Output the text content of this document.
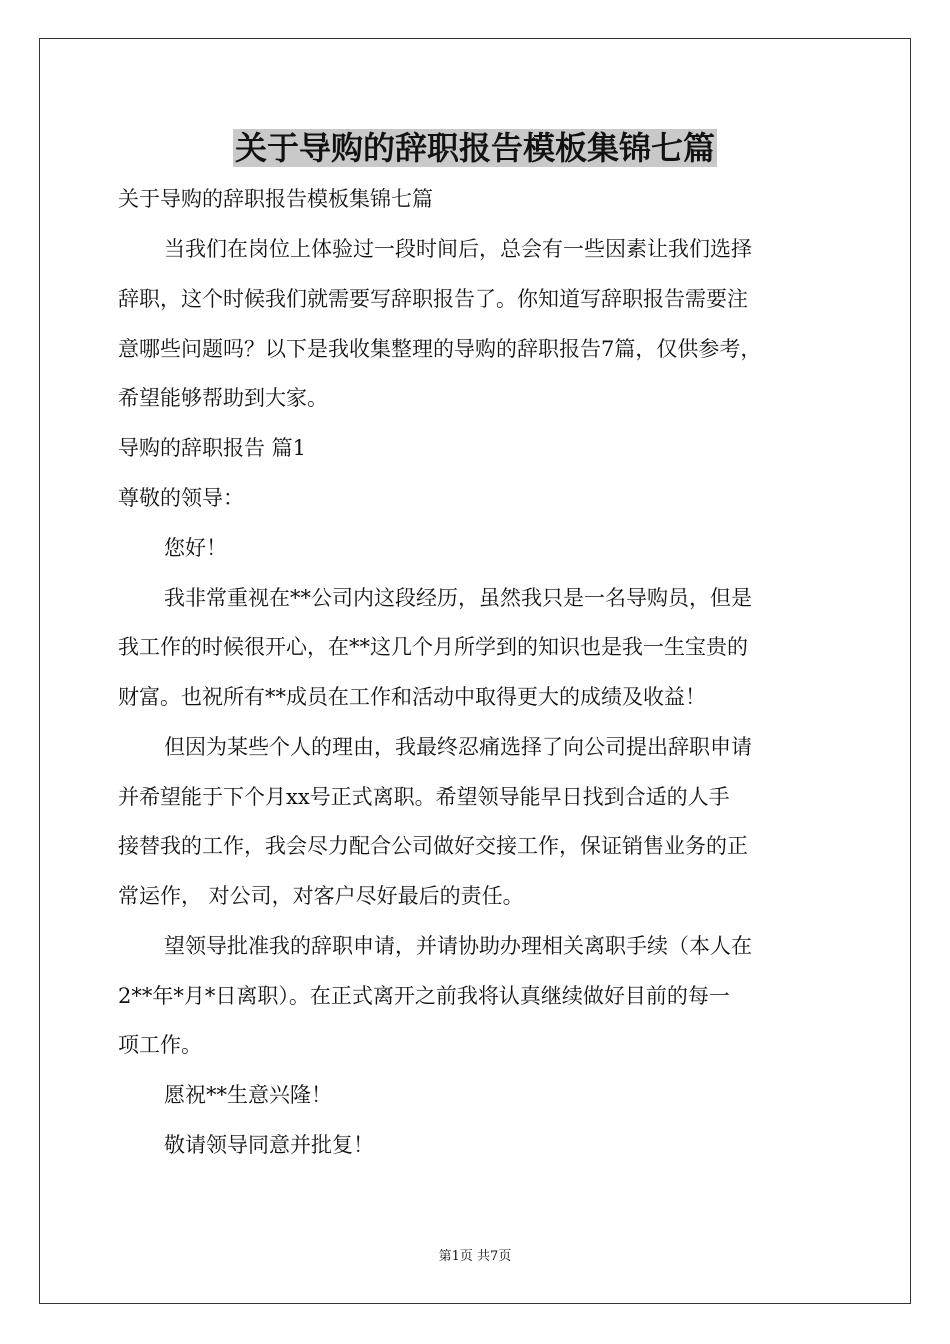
关于导购的辞职报告模板集锦七篇
关于导购的辞职报告模板集锦七篇
当我们在岗位上体验过一段时间后，总会有一些因素让我们选择
辞职，这个时候我们就需要写辞职报告了。你知道写辞职报告需要注
意哪些问题吗？以下是我收集整理的导购的辞职报告7篇，仅供参考，
希望能够帮助到大家。
导购的辞职报告 篇1
尊敬的领导：
您好！
我非常重视在**公司内这段经历，虽然我只是一名导购员，但是
我工作的时候很开心，在**这几个月所学到的知识也是我一生宝贵的
财富。也祝所有**成员在工作和活动中取得更大的成绩及收益！
但因为某些个人的理由，我最终忍痛选择了向公司提出辞职申请
并希望能于下个月xx号正式离职。希望领导能早日找到合适的人手
接替我的工作，我会尽力配合公司做好交接工作，保证销售业务的正
常运作， 对公司，对客户尽好最后的责任。
望领导批准我的辞职申请，并请协助办理相关离职手续（本人在
2**年*月*日离职）。在正式离开之前我将认真继续做好目前的每一
项工作。
愿祝**生意兴隆！
敬请领导同意并批复！
第1页 共7页
